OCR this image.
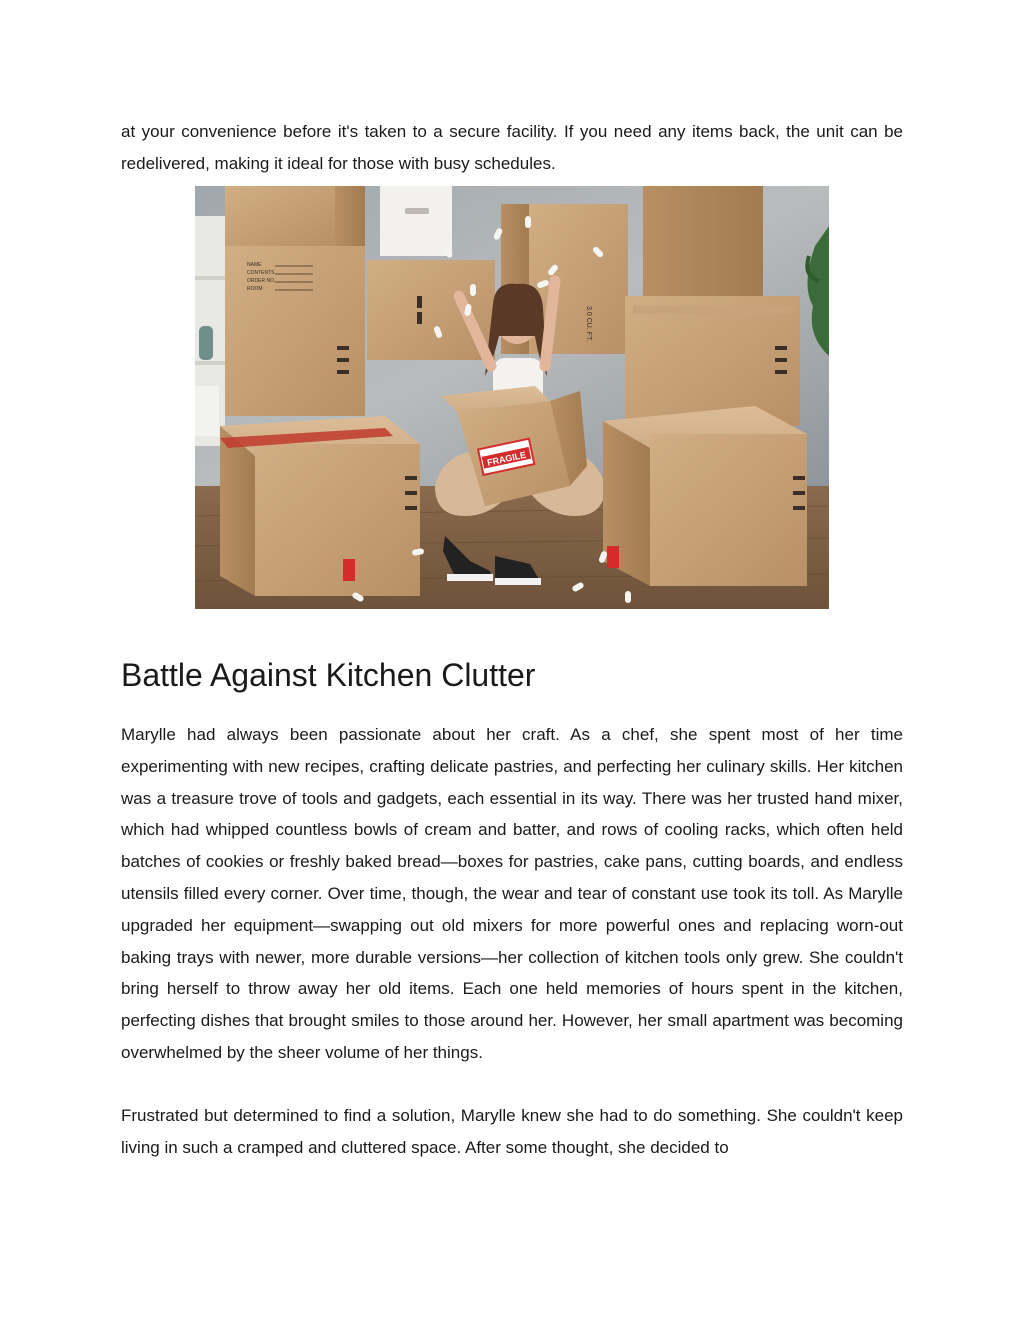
at your convenience before it's taken to a secure facility. If you need any items back, the unit can be redelivered, making it ideal for those with busy schedules.

NAME
CONTENTS
ORDER NO.
ROOM
3.0 CU. FT.
FRAGILE
Battle Against Kitchen Clutter

Marylle had always been passionate about her craft. As a chef, she spent most of her time experimenting with new recipes, crafting delicate pastries, and perfecting her culinary skills. Her kitchen was a treasure trove of tools and gadgets, each essential in its way. There was her trusted hand mixer, which had whipped countless bowls of cream and batter, and rows of cooling racks, which often held batches of cookies or freshly baked bread—boxes for pastries, cake pans, cutting boards, and endless utensils filled every corner. Over time, though, the wear and tear of constant use took its toll. As Marylle upgraded her equipment—swapping out old mixers for more powerful ones and replacing worn-out baking trays with newer, more durable versions—her collection of kitchen tools only grew. She couldn't bring herself to throw away her old items. Each one held memories of hours spent in the kitchen, perfecting dishes that brought smiles to those around her. However, her small apartment was becoming overwhelmed by the sheer volume of her things.

Frustrated but determined to find a solution, Marylle knew she had to do something. She couldn't keep living in such a cramped and cluttered space. After some thought, she decided to
